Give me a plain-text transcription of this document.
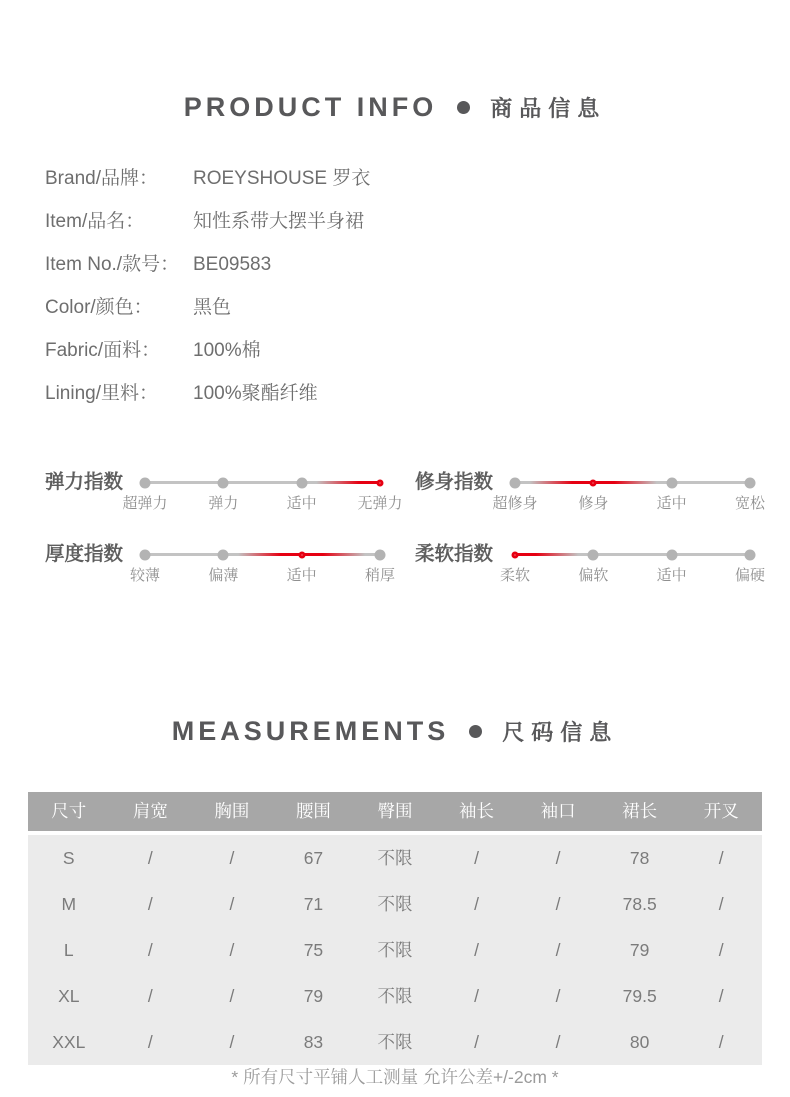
PRODUCT INFO 商品信息
Brand/品牌：	ROEYSHOUSE 罗衣
Item/品名：	知性系带大摆半身裙
Item No./款号： BE09583
Color/颜色：	黑色
Fabric/面料：	100%棉
Lining/里料：	100%聚酯纤维
弹力指数
超弹力	弹力	适中	无弹力
修身指数
超修身	修身	适中	宽松
厚度指数
较薄	偏薄	适中	稍厚
柔软指数
柔软	偏软	适中	偏硬
MEASUREMENTS 尺码信息
尺寸	肩宽	胸围	腰围	臀围	袖长	袖口	裙长	开叉
S	/	/	67	不限	/	/	78	/
M	/	/	71	不限	/	/	78.5	/
L	/	/	75	不限	/	/	79	/
XL	/	/	79	不限	/	/	79.5	/
XXL	/	/	83	不限	/	/	80	/
* 所有尺寸平铺人工测量 允许公差+/-2cm *
